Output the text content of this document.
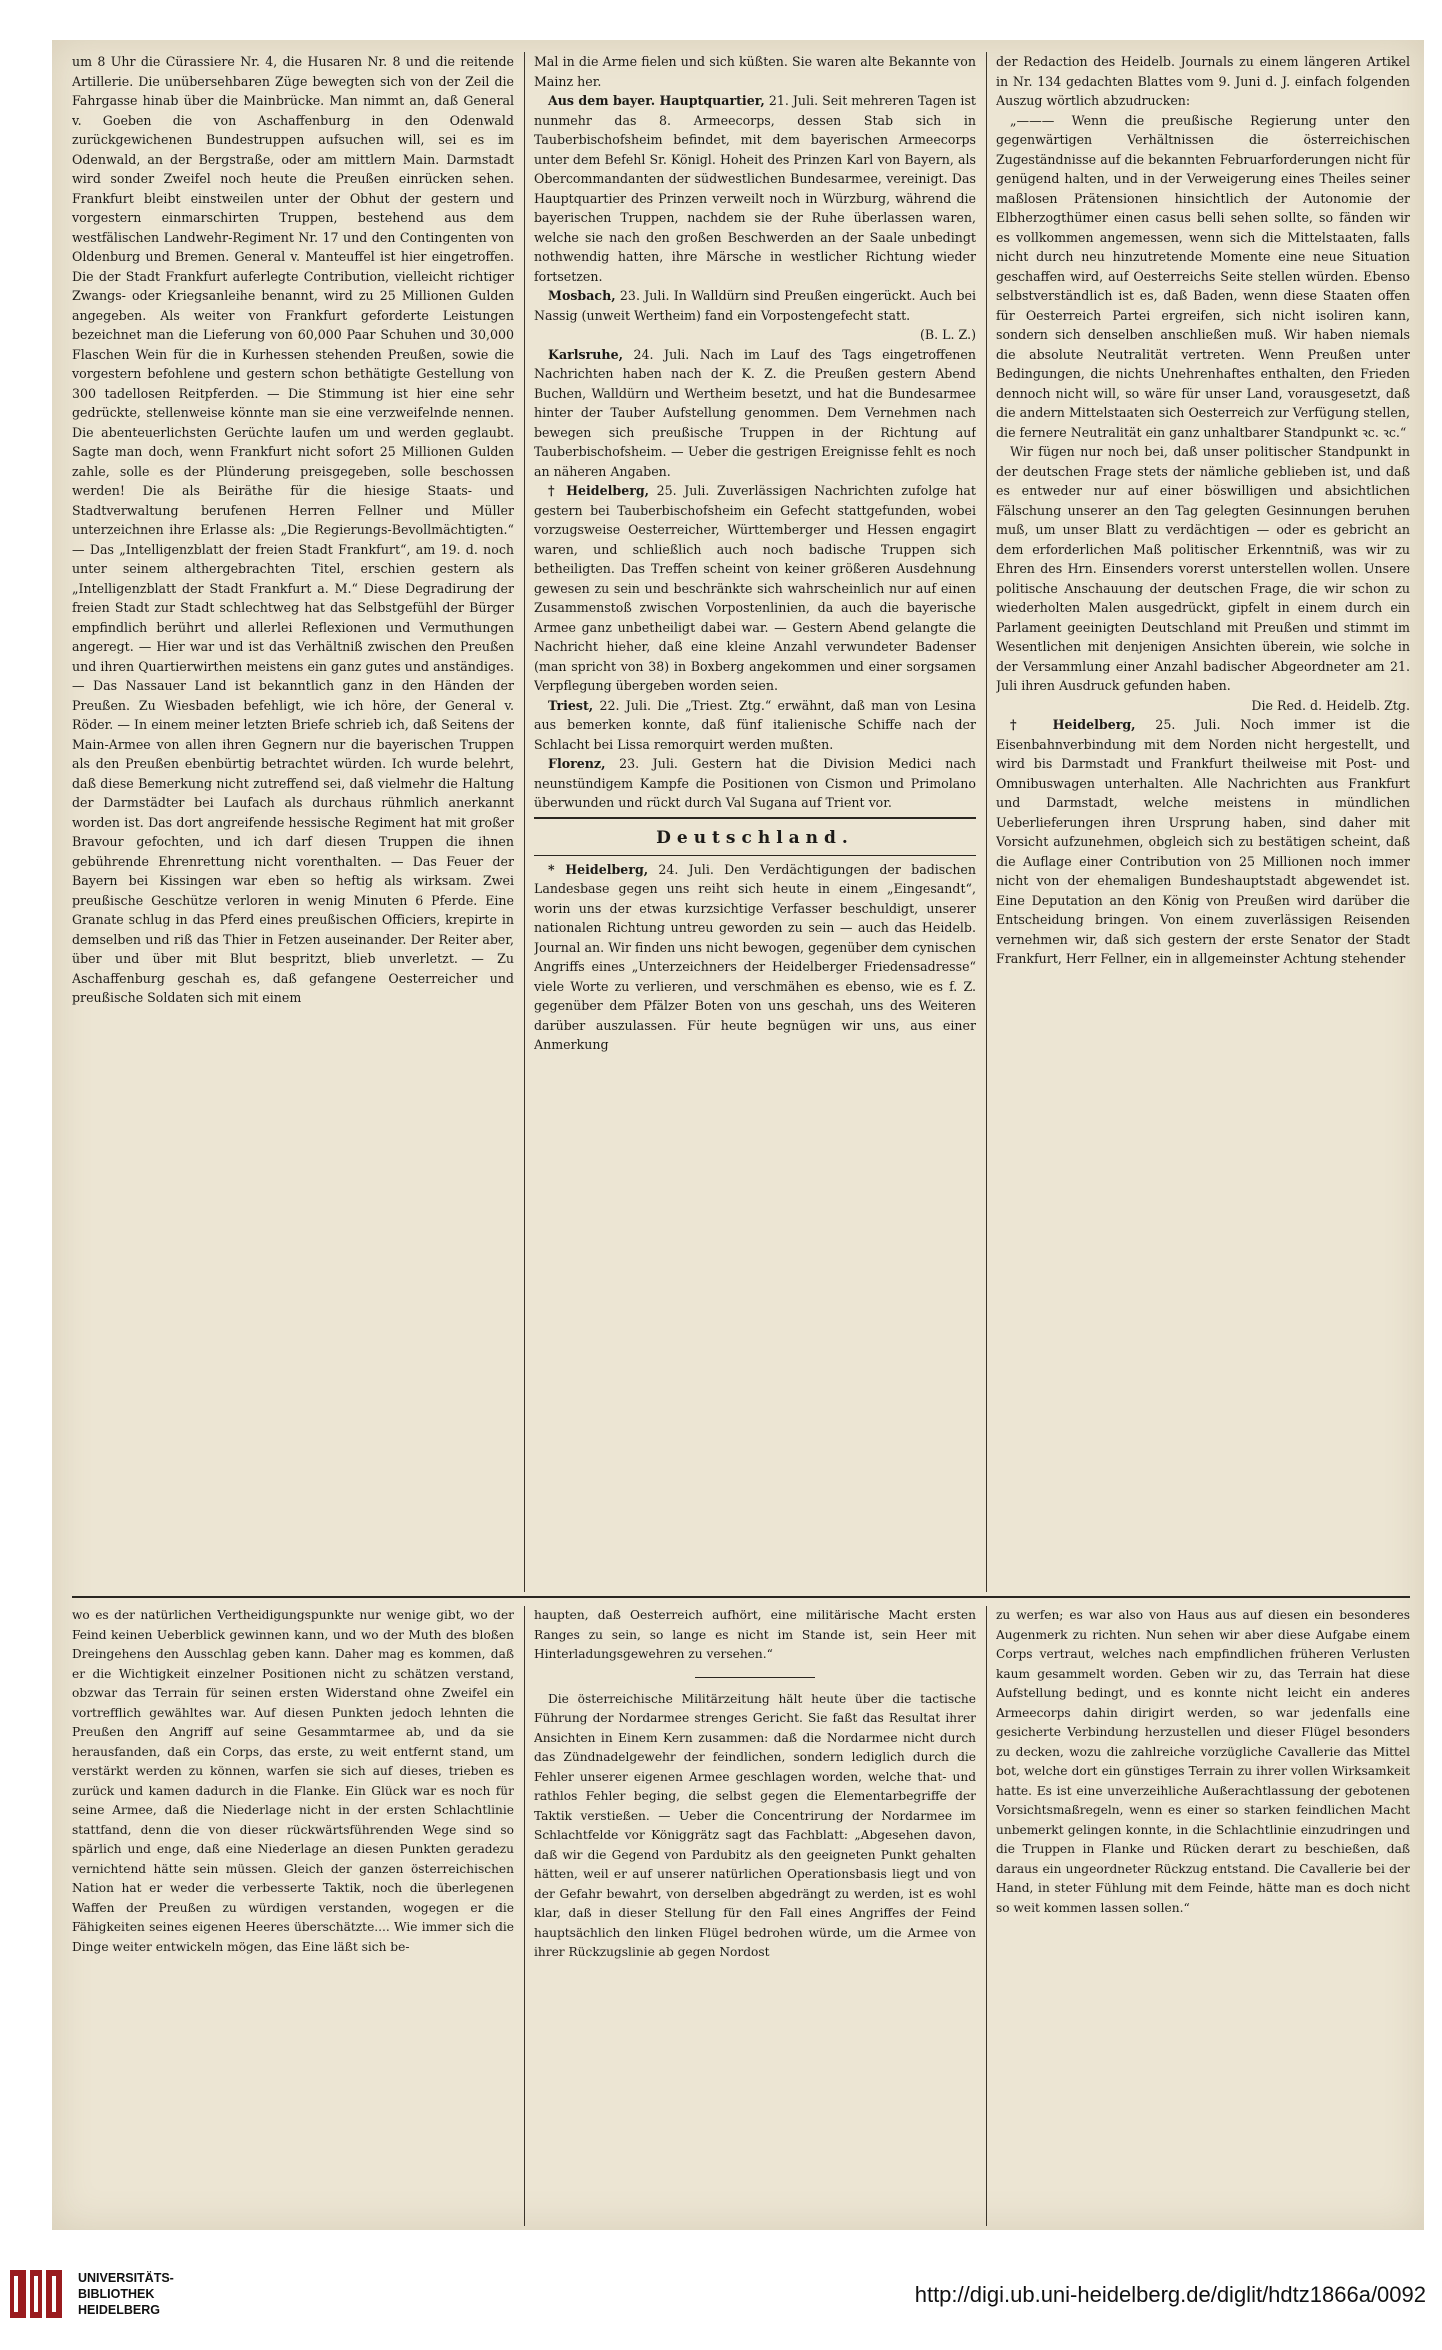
um 8 Uhr die Cürassiere Nr. 4, die Husaren Nr. 8 und die reitende Artillerie. Die unübersehbaren Züge bewegten sich von der Zeil die Fahrgasse hinab über die Mainbrücke. Man nimmt an, daß General v. Goeben die von Aschaffenburg in den Odenwald zurückgewichenen Bundestruppen aufsuchen will, sei es im Odenwald, an der Bergstraße, oder am mittlern Main. Darmstadt wird sonder Zweifel noch heute die Preußen einrücken sehen. Frankfurt bleibt einstweilen unter der Obhut der gestern und vorgestern einmarschirten Truppen, bestehend aus dem westfälischen Landwehr-Regiment Nr. 17 und den Contingenten von Oldenburg und Bremen. General v. Manteuffel ist hier eingetroffen. Die der Stadt Frankfurt auferlegte Contribution, vielleicht richtiger Zwangs- oder Kriegsanleihe benannt, wird zu 25 Millionen Gulden angegeben. Als weiter von Frankfurt geforderte Leistungen bezeichnet man die Lieferung von 60,000 Paar Schuhen und 30,000 Flaschen Wein für die in Kurhessen stehenden Preußen, sowie die vorgestern befohlene und gestern schon bethätigte Gestellung von 300 tadellosen Reitpferden. — Die Stimmung ist hier eine sehr gedrückte, stellenweise könnte man sie eine verzweifelnde nennen. Die abenteuerlichsten Gerüchte laufen um und werden geglaubt. Sagte man doch, wenn Frankfurt nicht sofort 25 Millionen Gulden zahle, solle es der Plünderung preisgegeben, solle beschossen werden! Die als Beiräthe für die hiesige Staats- und Stadtverwaltung berufenen Herren Fellner und Müller unterzeichnen ihre Erlasse als: „Die Regierungs-Bevollmächtigten.“ — Das „Intelligenzblatt der freien Stadt Frankfurt“, am 19. d. noch unter seinem althergebrachten Titel, erschien gestern als „Intelligenzblatt der Stadt Frankfurt a. M.“ Diese Degradirung der freien Stadt zur Stadt schlechtweg hat das Selbstgefühl der Bürger empfindlich berührt und allerlei Reflexionen und Vermuthungen angeregt. — Hier war und ist das Verhältniß zwischen den Preußen und ihren Quartierwirthen meistens ein ganz gutes und anständiges. — Das Nassauer Land ist bekanntlich ganz in den Händen der Preußen. Zu Wiesbaden befehligt, wie ich höre, der General v. Röder. — In einem meiner letzten Briefe schrieb ich, daß Seitens der Main-Armee von allen ihren Gegnern nur die bayerischen Truppen als den Preußen ebenbürtig betrachtet würden. Ich wurde belehrt, daß diese Bemerkung nicht zutreffend sei, daß vielmehr die Haltung der Darmstädter bei Laufach als durchaus rühmlich anerkannt worden ist. Das dort angreifende hessische Regiment hat mit großer Bravour gefochten, und ich darf diesen Truppen die ihnen gebührende Ehrenrettung nicht vorenthalten. — Das Feuer der Bayern bei Kissingen war eben so heftig als wirksam. Zwei preußische Geschütze verloren in wenig Minuten 6 Pferde. Eine Granate schlug in das Pferd eines preußischen Officiers, krepirte in demselben und riß das Thier in Fetzen auseinander. Der Reiter aber, über und über mit Blut bespritzt, blieb unverletzt. — Zu Aschaffenburg geschah es, daß gefangene Oesterreicher und preußische Soldaten sich mit einem

Mal in die Arme fielen und sich küßten. Sie waren alte Bekannte von Mainz her.

Aus dem bayer. Hauptquartier, 21. Juli. Seit mehreren Tagen ist nunmehr das 8. Armeecorps, dessen Stab sich in Tauberbischofsheim befindet, mit dem bayerischen Armeecorps unter dem Befehl Sr. Königl. Hoheit des Prinzen Karl von Bayern, als Obercommandanten der südwestlichen Bundesarmee, vereinigt. Das Hauptquartier des Prinzen verweilt noch in Würzburg, während die bayerischen Truppen, nachdem sie der Ruhe überlassen waren, welche sie nach den großen Beschwerden an der Saale unbedingt nothwendig hatten, ihre Märsche in westlicher Richtung wieder fortsetzen.

Mosbach, 23. Juli. In Walldürn sind Preußen eingerückt. Auch bei Nassig (unweit Wertheim) fand ein Vorpostengefecht statt.

(B. L. Z.)

Karlsruhe, 24. Juli. Nach im Lauf des Tags eingetroffenen Nachrichten haben nach der K. Z. die Preußen gestern Abend Buchen, Walldürn und Wertheim besetzt, und hat die Bundesarmee hinter der Tauber Aufstellung genommen. Dem Vernehmen nach bewegen sich preußische Truppen in der Richtung auf Tauberbischofsheim. — Ueber die gestrigen Ereignisse fehlt es noch an näheren Angaben.

† Heidelberg, 25. Juli. Zuverlässigen Nachrichten zufolge hat gestern bei Tauberbischofsheim ein Gefecht stattgefunden, wobei vorzugsweise Oesterreicher, Württemberger und Hessen engagirt waren, und schließlich auch noch badische Truppen sich betheiligten. Das Treffen scheint von keiner größeren Ausdehnung gewesen zu sein und beschränkte sich wahrscheinlich nur auf einen Zusammenstoß zwischen Vorpostenlinien, da auch die bayerische Armee ganz unbetheiligt dabei war. — Gestern Abend gelangte die Nachricht hieher, daß eine kleine Anzahl verwundeter Badenser (man spricht von 38) in Boxberg angekommen und einer sorgsamen Verpflegung übergeben worden seien.

Triest, 22. Juli. Die „Triest. Ztg.“ erwähnt, daß man von Lesina aus bemerken konnte, daß fünf italienische Schiffe nach der Schlacht bei Lissa remorquirt werden mußten.

Florenz, 23. Juli. Gestern hat die Division Medici nach neunstündigem Kampfe die Positionen von Cismon und Primolano überwunden und rückt durch Val Sugana auf Trient vor.

Deutschland.

* Heidelberg, 24. Juli. Den Verdächtigungen der badischen Landesbase gegen uns reiht sich heute in einem „Eingesandt“, worin uns der etwas kurzsichtige Verfasser beschuldigt, unserer nationalen Richtung untreu geworden zu sein — auch das Heidelb. Journal an. Wir finden uns nicht bewogen, gegenüber dem cynischen Angriffs eines „Unterzeichners der Heidelberger Friedensadresse“ viele Worte zu verlieren, und verschmähen es ebenso, wie es f. Z. gegenüber dem Pfälzer Boten von uns geschah, uns des Weiteren darüber auszulassen. Für heute begnügen wir uns, aus einer Anmerkung

der Redaction des Heidelb. Journals zu einem längeren Artikel in Nr. 134 gedachten Blattes vom 9. Juni d. J. einfach folgenden Auszug wörtlich abzudrucken:

„——— Wenn die preußische Regierung unter den gegenwärtigen Verhältnissen die österreichischen Zugeständnisse auf die bekannten Februarforderungen nicht für genügend halten, und in der Verweigerung eines Theiles seiner maßlosen Prätensionen hinsichtlich der Autonomie der Elbherzogthümer einen casus belli sehen sollte, so fänden wir es vollkommen angemessen, wenn sich die Mittelstaaten, falls nicht durch neu hinzutretende Momente eine neue Situation geschaffen wird, auf Oesterreichs Seite stellen würden. Ebenso selbstverständlich ist es, daß Baden, wenn diese Staaten offen für Oesterreich Partei ergreifen, sich nicht isoliren kann, sondern sich denselben anschließen muß. Wir haben niemals die absolute Neutralität vertreten. Wenn Preußen unter Bedingungen, die nichts Unehrenhaftes enthalten, den Frieden dennoch nicht will, so wäre für unser Land, vorausgesetzt, daß die andern Mittelstaaten sich Oesterreich zur Verfügung stellen, die fernere Neutralität ein ganz unhaltbarer Standpunkt ꝛc. ꝛc.“

Wir fügen nur noch bei, daß unser politischer Standpunkt in der deutschen Frage stets der nämliche geblieben ist, und daß es entweder nur auf einer böswilligen und absichtlichen Fälschung unserer an den Tag gelegten Gesinnungen beruhen muß, um unser Blatt zu verdächtigen — oder es gebricht an dem erforderlichen Maß politischer Erkenntniß, was wir zu Ehren des Hrn. Einsenders vorerst unterstellen wollen. Unsere politische Anschauung der deutschen Frage, die wir schon zu wiederholten Malen ausgedrückt, gipfelt in einem durch ein Parlament geeinigten Deutschland mit Preußen und stimmt im Wesentlichen mit denjenigen Ansichten überein, wie solche in der Versammlung einer Anzahl badischer Abgeordneter am 21. Juli ihren Ausdruck gefunden haben.

Die Red. d. Heidelb. Ztg.

† Heidelberg, 25. Juli. Noch immer ist die Eisenbahnverbindung mit dem Norden nicht hergestellt, und wird bis Darmstadt und Frankfurt theilweise mit Post- und Omnibuswagen unterhalten. Alle Nachrichten aus Frankfurt und Darmstadt, welche meistens in mündlichen Ueberlieferungen ihren Ursprung haben, sind daher mit Vorsicht aufzunehmen, obgleich sich zu bestätigen scheint, daß die Auflage einer Contribution von 25 Millionen noch immer nicht von der ehemaligen Bundeshauptstadt abgewendet ist. Eine Deputation an den König von Preußen wird darüber die Entscheidung bringen. Von einem zuverlässigen Reisenden vernehmen wir, daß sich gestern der erste Senator der Stadt Frankfurt, Herr Fellner, ein in allgemeinster Achtung stehender

wo es der natürlichen Vertheidigungspunkte nur wenige gibt, wo der Feind keinen Ueberblick gewinnen kann, und wo der Muth des bloßen Dreingehens den Ausschlag geben kann. Daher mag es kommen, daß er die Wichtigkeit einzelner Positionen nicht zu schätzen verstand, obzwar das Terrain für seinen ersten Widerstand ohne Zweifel ein vortrefflich gewähltes war. Auf diesen Punkten jedoch lehnten die Preußen den Angriff auf seine Gesammtarmee ab, und da sie herausfanden, daß ein Corps, das erste, zu weit entfernt stand, um verstärkt werden zu können, warfen sie sich auf dieses, trieben es zurück und kamen dadurch in die Flanke. Ein Glück war es noch für seine Armee, daß die Niederlage nicht in der ersten Schlachtlinie stattfand, denn die von dieser rückwärtsführenden Wege sind so spärlich und enge, daß eine Niederlage an diesen Punkten geradezu vernichtend hätte sein müssen. Gleich der ganzen österreichischen Nation hat er weder die verbesserte Taktik, noch die überlegenen Waffen der Preußen zu würdigen verstanden, wogegen er die Fähigkeiten seines eigenen Heeres überschätzte.... Wie immer sich die Dinge weiter entwickeln mögen, das Eine läßt sich be-

haupten, daß Oesterreich aufhört, eine militärische Macht ersten Ranges zu sein, so lange es nicht im Stande ist, sein Heer mit Hinterladungsgewehren zu versehen.“

Die österreichische Militärzeitung hält heute über die tactische Führung der Nordarmee strenges Gericht. Sie faßt das Resultat ihrer Ansichten in Einem Kern zusammen: daß die Nordarmee nicht durch das Zündnadelgewehr der feindlichen, sondern lediglich durch die Fehler unserer eigenen Armee geschlagen worden, welche that- und rathlos Fehler beging, die selbst gegen die Elementarbegriffe der Taktik verstießen. — Ueber die Concentrirung der Nordarmee im Schlachtfelde vor Königgrätz sagt das Fachblatt: „Abgesehen davon, daß wir die Gegend von Pardubitz als den geeigneten Punkt gehalten hätten, weil er auf unserer natürlichen Operationsbasis liegt und von der Gefahr bewahrt, von derselben abgedrängt zu werden, ist es wohl klar, daß in dieser Stellung für den Fall eines Angriffes der Feind hauptsächlich den linken Flügel bedrohen würde, um die Armee von ihrer Rückzugslinie ab gegen Nordost

zu werfen; es war also von Haus aus auf diesen ein besonderes Augenmerk zu richten. Nun sehen wir aber diese Aufgabe einem Corps vertraut, welches nach empfindlichen früheren Verlusten kaum gesammelt worden. Geben wir zu, das Terrain hat diese Aufstellung bedingt, und es konnte nicht leicht ein anderes Armeecorps dahin dirigirt werden, so war jedenfalls eine gesicherte Verbindung herzustellen und dieser Flügel besonders zu decken, wozu die zahlreiche vorzügliche Cavallerie das Mittel bot, welche dort ein günstiges Terrain zu ihrer vollen Wirksamkeit hatte. Es ist eine unverzeihliche Außerachtlassung der gebotenen Vorsichtsmaßregeln, wenn es einer so starken feindlichen Macht unbemerkt gelingen konnte, in die Schlachtlinie einzudringen und die Truppen in Flanke und Rücken derart zu beschießen, daß daraus ein ungeordneter Rückzug entstand. Die Cavallerie bei der Hand, in steter Fühlung mit dem Feinde, hätte man es doch nicht so weit kommen lassen sollen.“

UNIVERSITÄTS-
BIBLIOTHEK
HEIDELBERG
http://digi.ub.uni-heidelberg.de/diglit/hdtz1866a/0092
